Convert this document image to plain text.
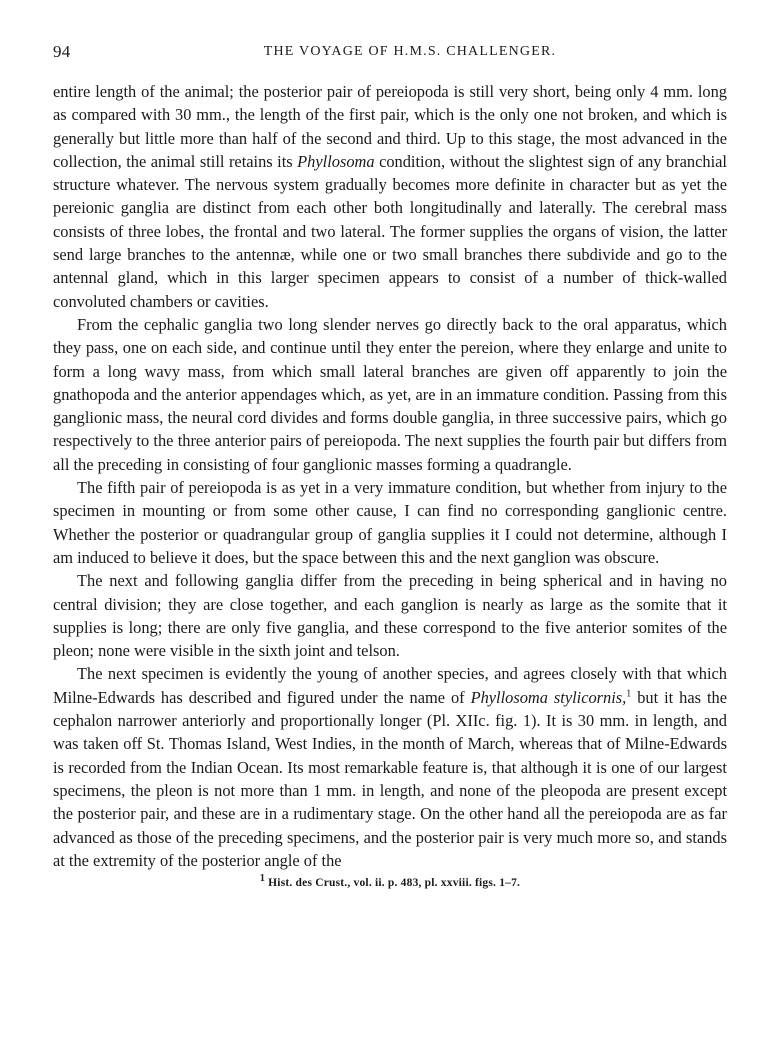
94	THE VOYAGE OF H.M.S. CHALLENGER.

entire length of the animal; the posterior pair of pereiopoda is still very short, being only 4 mm. long as compared with 30 mm., the length of the first pair, which is the only one not broken, and which is generally but little more than half of the second and third. Up to this stage, the most advanced in the collection, the animal still retains its Phyllosoma condition, without the slightest sign of any branchial structure whatever. The nervous system gradually becomes more definite in character but as yet the pereionic ganglia are distinct from each other both longitudinally and laterally. The cerebral mass consists of three lobes, the frontal and two lateral. The former supplies the organs of vision, the latter send large branches to the antennæ, while one or two small branches there subdivide and go to the antennal gland, which in this larger specimen appears to consist of a number of thick-walled convoluted chambers or cavities.

From the cephalic ganglia two long slender nerves go directly back to the oral apparatus, which they pass, one on each side, and continue until they enter the pereion, where they enlarge and unite to form a long wavy mass, from which small lateral branches are given off apparently to join the gnathopoda and the anterior appendages which, as yet, are in an immature condition. Passing from this ganglionic mass, the neural cord divides and forms double ganglia, in three successive pairs, which go respectively to the three anterior pairs of pereiopoda. The next supplies the fourth pair but differs from all the preceding in consisting of four ganglionic masses forming a quadrangle.

The fifth pair of pereiopoda is as yet in a very immature condition, but whether from injury to the specimen in mounting or from some other cause, I can find no corresponding ganglionic centre. Whether the posterior or quadrangular group of ganglia supplies it I could not determine, although I am induced to believe it does, but the space between this and the next ganglion was obscure.

The next and following ganglia differ from the preceding in being spherical and in having no central division; they are close together, and each ganglion is nearly as large as the somite that it supplies is long; there are only five ganglia, and these correspond to the five anterior somites of the pleon; none were visible in the sixth joint and telson.

The next specimen is evidently the young of another species, and agrees closely with that which Milne-Edwards has described and figured under the name of Phyllosoma stylicornis,$^1$ but it has the cephalon narrower anteriorly and proportionally longer (Pl. XIIc. fig. 1). It is 30 mm. in length, and was taken off St. Thomas Island, West Indies, in the month of March, whereas that of Milne-Edwards is recorded from the Indian Ocean. Its most remarkable feature is, that although it is one of our largest specimens, the pleon is not more than 1 mm. in length, and none of the pleopoda are present except the posterior pair, and these are in a rudimentary stage. On the other hand all the pereiopoda are as far advanced as those of the preceding specimens, and the posterior pair is very much more so, and stands at the extremity of the posterior angle of the

$^1$ Hist. des Crust., vol. ii. p. 483, pl. xxviii. figs. 1–7.
